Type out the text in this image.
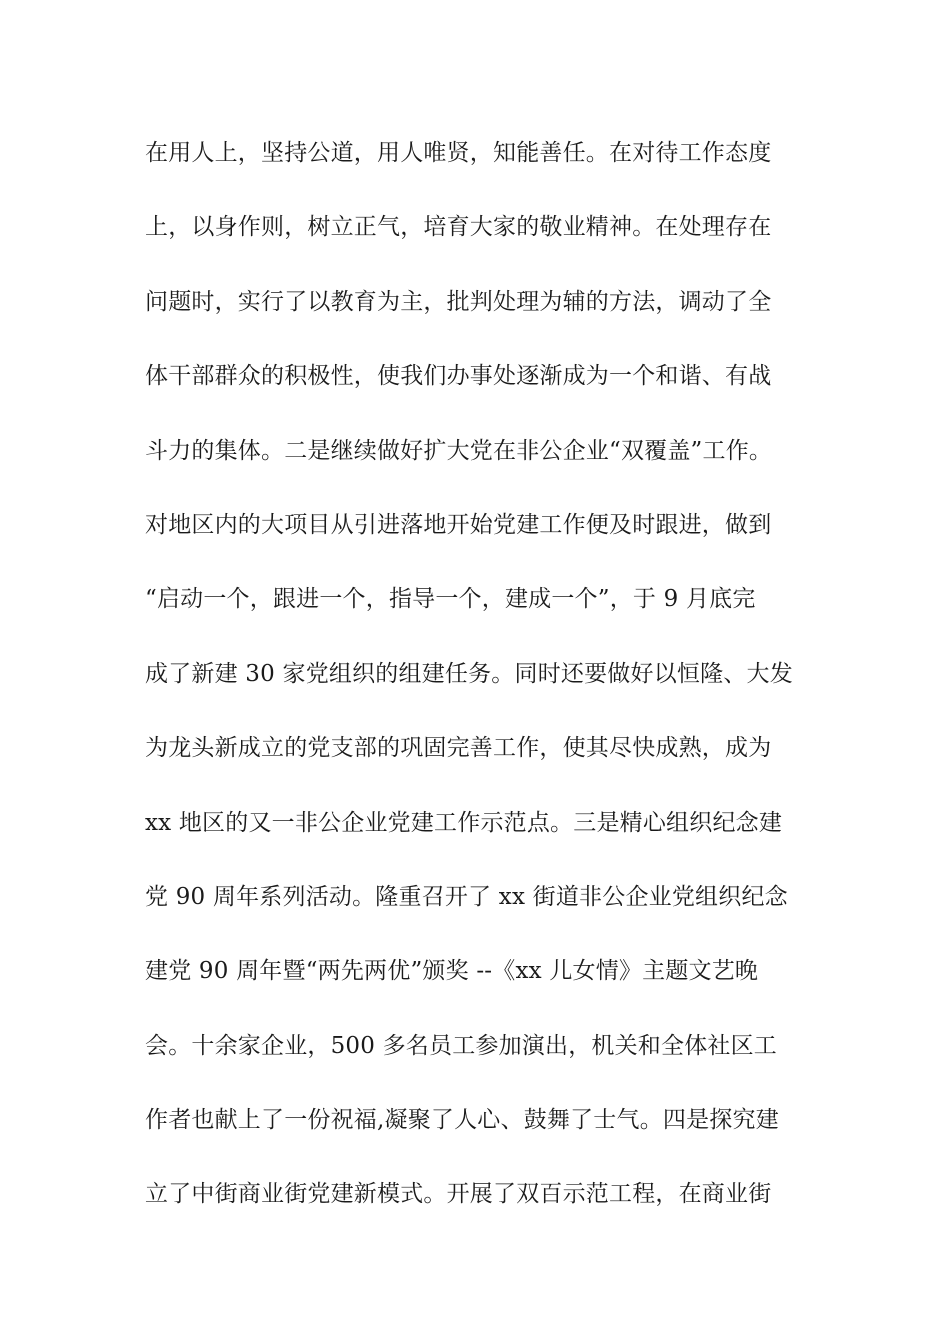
在用人上，坚持公道，用人唯贤，知能善任。在对待工作态度
上，以身作则，树立正气，培育大家的敬业精神。在处理存在
问题时，实行了以教育为主，批判处理为辅的方法，调动了全
体干部群众的积极性，使我们办事处逐渐成为一个和谐、有战
斗力的集体。二是继续做好扩大党在非公企业“双覆盖”工作。
对地区内的大项目从引进落地开始党建工作便及时跟进，做到
“启动一个，跟进一个，指导一个，建成一个”，于 9 月底完
成了新建 30 家党组织的组建任务。同时还要做好以恒隆、大发
为龙头新成立的党支部的巩固完善工作，使其尽快成熟，成为
xx 地区的又一非公企业党建工作示范点。三是精心组织纪念建
党 90 周年系列活动。隆重召开了 xx 街道非公企业党组织纪念
建党 90 周年暨“两先两优”颁奖 --《xx 儿女情》主题文艺晚
会。十余家企业，500 多名员工参加演出，机关和全体社区工
作者也献上了一份祝福,凝聚了人心、鼓舞了士气。四是探究建
立了中街商业街党建新模式。开展了双百示范工程，在商业街
